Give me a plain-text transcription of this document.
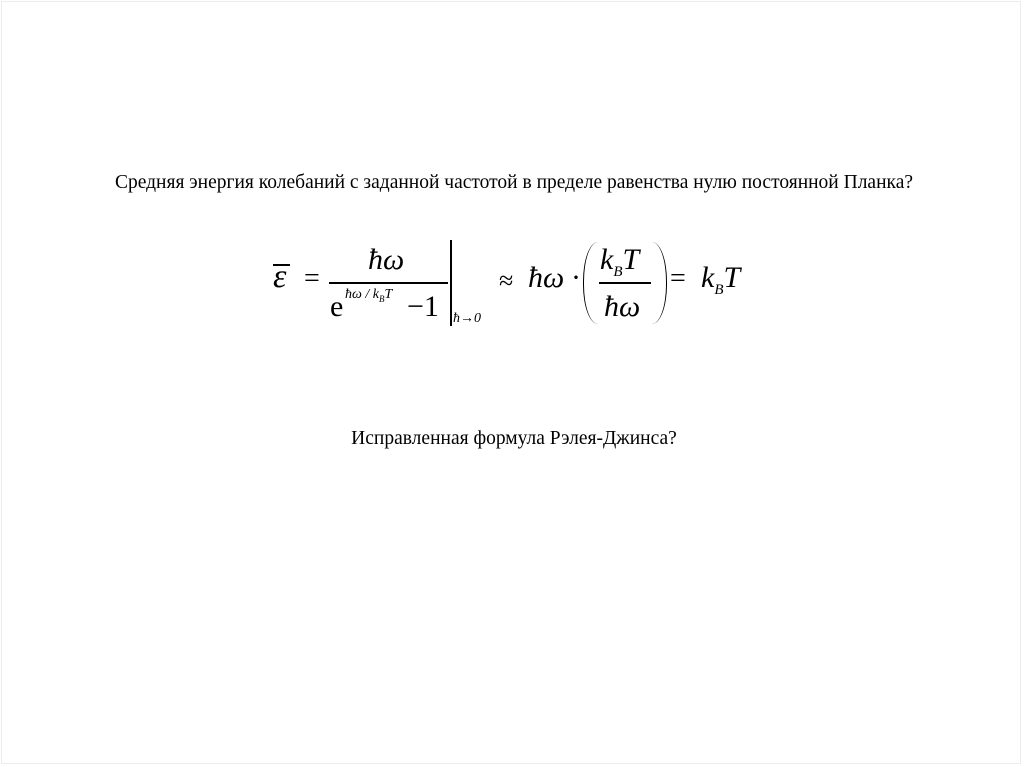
Средняя энергия колебаний с заданной частотой в пределе равенства нулю постоянной Планка?
ε =
ħω
e ħω / $k_BT -1$ ħ→0
≈ ħω ·
$k_BT$
ħω
= $k_BT$
Исправленная формула Рэлея-Джинса?
